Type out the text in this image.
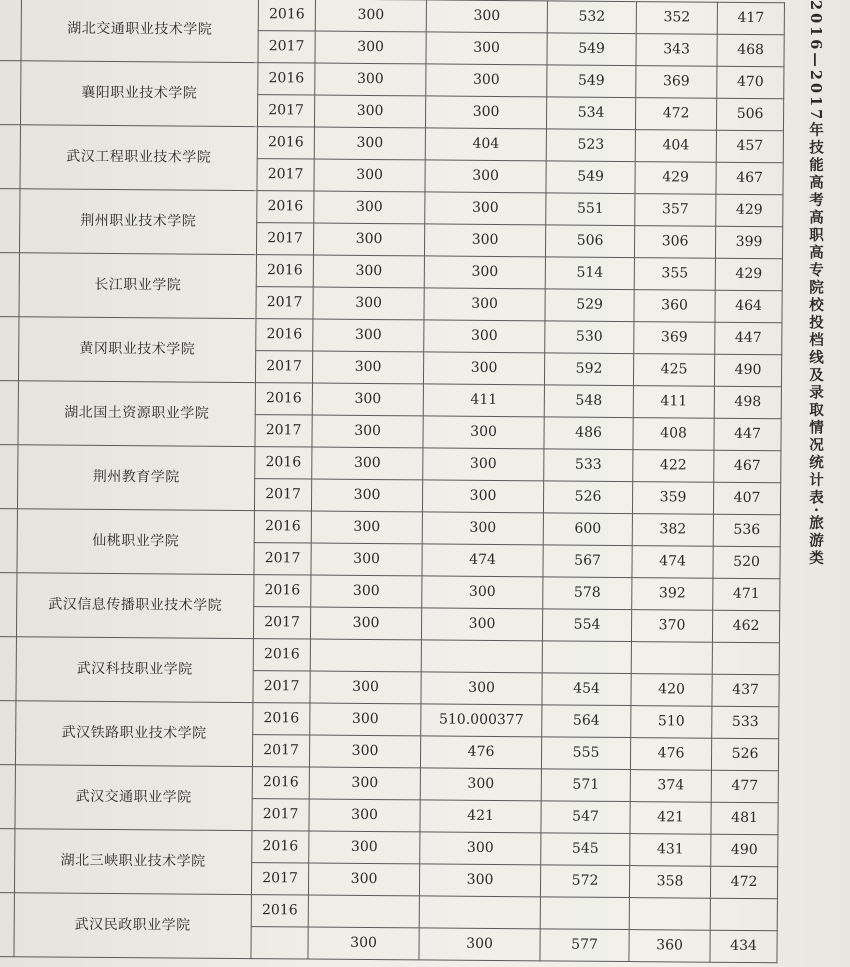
湖北交通职业技术学院	2016	300	300	532	352	417
		2017	300	300	549	343	468

襄阳职业技术学院	2016	300	300	549	369	470
		2017	300	300	534	472	506

武汉工程职业技术学院	2016	300	404	523	404	457
		2017	300	300	549	429	467

荆州职业技术学院	2016	300	300	551	357	429
		2017	300	300	506	306	399

长江职业学院	2016	300	300	514	355	429
		2017	300	300	529	360	464

黄冈职业技术学院	2016	300	300	530	369	447
		2017	300	300	592	425	490

湖北国土资源职业学院	2016	300	411	548	411	498
		2017	300	300	486	408	447

荆州教育学院	2016	300	300	533	422	467
		2017	300	300	526	359	407

	仙桃职业学院	2016	300	300	600	382	536
		2017	300	474	567	474	520

	武汉信息传播职业技术学院	2016	300	300	578	392	471
		2017	300	300	554	370	462

	武汉科技职业学院	2016					
		2017	300	300	454	420	437

	武汉铁路职业技术学院	2016	300	510.000377	564	510	533
		2017	300	476	555	476	526

	武汉交通职业学院	2016	300	300	571	374	477
		2017	300	421	547	421	481

	湖北三峡职业技术学院	2016	300	300	545	431	490
		2017	300	300	572	358	472

	武汉民政职业学院	2016					
			300	300	577	360	434
2016—2017年技能高考高职高专院校投档线及录取情况统计表·旅游类
